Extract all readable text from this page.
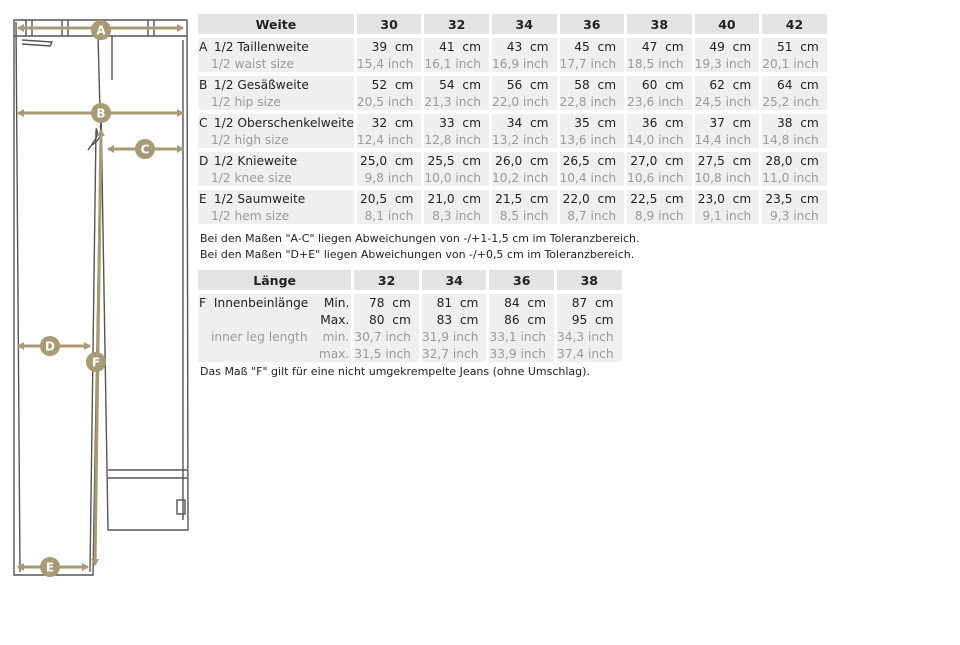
A
B
C
D
E
F
Weite		30		32		34		36		38		40		42

A 1/2 Taillenweite		39 cm		41 cm		43 cm		45 cm		47 cm		49 cm		51 cm
1/2 waist size		15,4 inch		16,1 inch		16,9 inch		17,7 inch		18,5 inch		19,3 inch		20,1 inch

B 1/2 Gesäßweite		52 cm		54 cm		56 cm		58 cm		60 cm		62 cm		64 cm
1/2 hip size		20,5 inch		21,3 inch		22,0 inch		22,8 inch		23,6 inch		24,5 inch		25,2 inch

C 1/2 Oberschenkelweite		32 cm		33 cm		34 cm		35 cm		36 cm		37 cm		38 cm
1/2 high size		12,4 inch		12,8 inch		13,2 inch		13,6 inch		14,0 inch		14,4 inch		14,8 inch

D 1/2 Knieweite		25,0 cm		25,5 cm		26,0 cm		26,5 cm		27,0 cm		27,5 cm		28,0 cm
1/2 knee size		9,8 inch		10,0 inch		10,2 inch		10,4 inch		10,6 inch		10,8 inch		11,0 inch

E 1/2 Saumweite		20,5 cm		21,0 cm		21,5 cm		22,0 cm		22,5 cm		23,0 cm		23,5 cm
1/2 hem size		8,1 inch		8,3 inch		8,5 inch		8,7 inch		8,9 inch		9,1 inch		9,3 inch
Bei den Maßen "A-C" liegen Abweichungen von -/+1-1,5 cm im Toleranzbereich.
Bei den Maßen "D+E" liegen Abweichungen von -/+0,5 cm im Toleranzbereich.
Länge			32		34		36		38

F Innenbeinlänge	Min.		78 cm		81 cm		84 cm		87 cm
	Max.		80 cm		83 cm		86 cm		95 cm
inner leg length	min.		30,7 inch		31,9 inch		33,1 inch		34,3 inch
	max.		31,5 inch		32,7 inch		33,9 inch		37,4 inch
Das Maß "F" gilt für eine nicht umgekrempelte Jeans (ohne Umschlag).
